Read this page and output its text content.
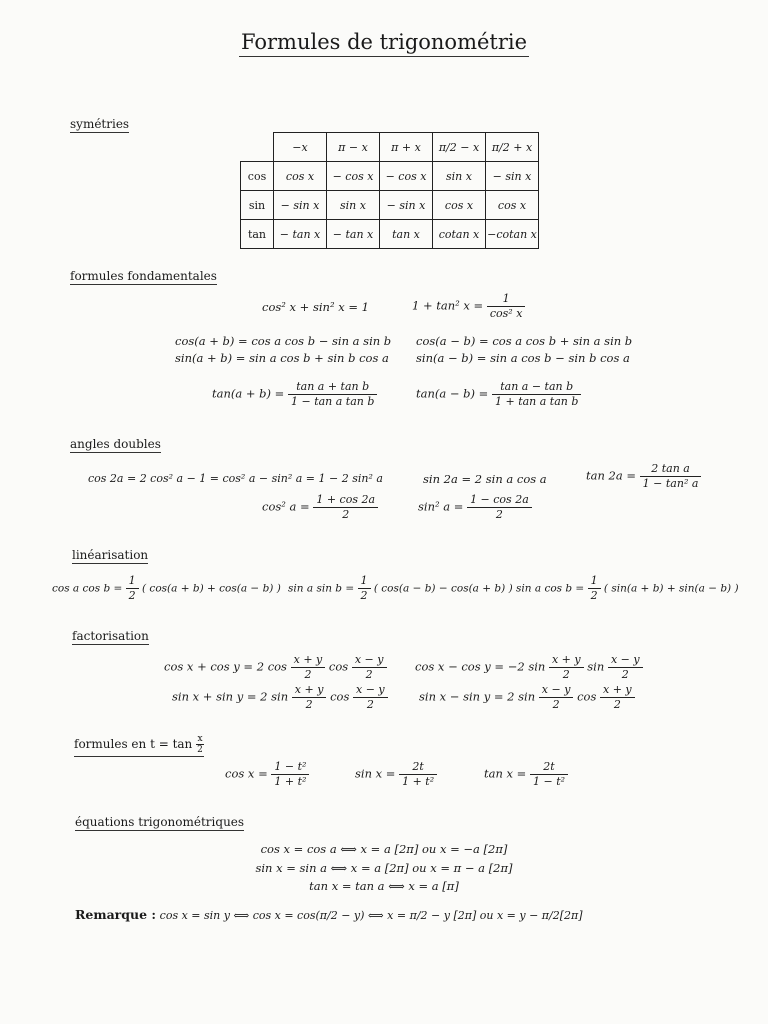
Formules de trigonométrie
symétries
	−x	π − x	π + x	π/2 − x	π/2 + x
cos	cos x	− cos x	− cos x	sin x	− sin x
sin	− sin x	sin x	− sin x	cos x	cos x
tan	− tan x	− tan x	tan x	cotan x	−cotan x
formules fondamentales
cos² x + sin² x = 1	1 + tan² $x = \frac{1}{\text{cos² x}}$
cos(a + b) = cos a cos b − sin a sin b cos(a − b) = cos a cos b + sin a sin b
sin(a + b) = sin a cos b + sin b cos a sin(a − b) = sin a cos b − sin b cos a
$\tan(a + b) = \frac{\text{tan a + tan b}}{\text{1 − tan a tan b}}$	$\tan(a - b) = \frac{\text{tan a − tan b}}{\text{1 + tan a tan b}}$
angles doubles
cos 2a = 2 cos² a − 1 = cos² a − sin² a = 1 − 2 sin² a	sin 2a = 2 sin a cos a	$\tan 2a = \frac{\text{2 tan a}}{\text{1 − tan² a}}$
cos² $a = \frac{1 + \cos 2a}{2}$	sin² $a = \frac{1 - \cos 2a}{2}$
linéarisation
cos a $\cos b = \frac{1}{2}$ ( cos(a + b) + cos(a − b) ) sin a $\sin b = \frac{1}{2}$ ( cos(a − b) − cos(a + b) ) sin a $\cos b = \frac{1}{2}$ ( sin(a + b) + sin(a − b) )
factorisation
cos x + cos y = 2 $\cos \frac{x + y}{2}$ $\cos \frac{x - y}{2}$ cos x − cos y = −2 $\sin \frac{x + y}{2}$ $\sin \frac{x - y}{2}$
sin x + sin y = 2 $\sin \frac{x + y}{2}$ $\cos \frac{x - y}{2}$	sin x − sin y = 2 $\sin \frac{x - y}{2}$ $\cos \frac{x + y}{2}$
formules en $t = \tan \frac{x}{2}$
$\cos x = \frac{\text{1 − t²}}{\text{1 + t²}}$	$\sin x = \frac{2t}{\text{1 + t²}}$	$\tan x = \frac{2t}{\text{1 − t²}}$
équations trigonométriques
cos x = cos a ⟺ x = a [2π] ou x = −a [2π]
sin x = sin a ⟺ x = a [2π] ou x = π − a [2π]
tan x = tan a ⟺ x = a [π]
Remarque : cos x = sin y ⟺ cos x = cos(π/2 − y) ⟺ x = π/2 − y [2π] ou x = y − π/2[2π]
